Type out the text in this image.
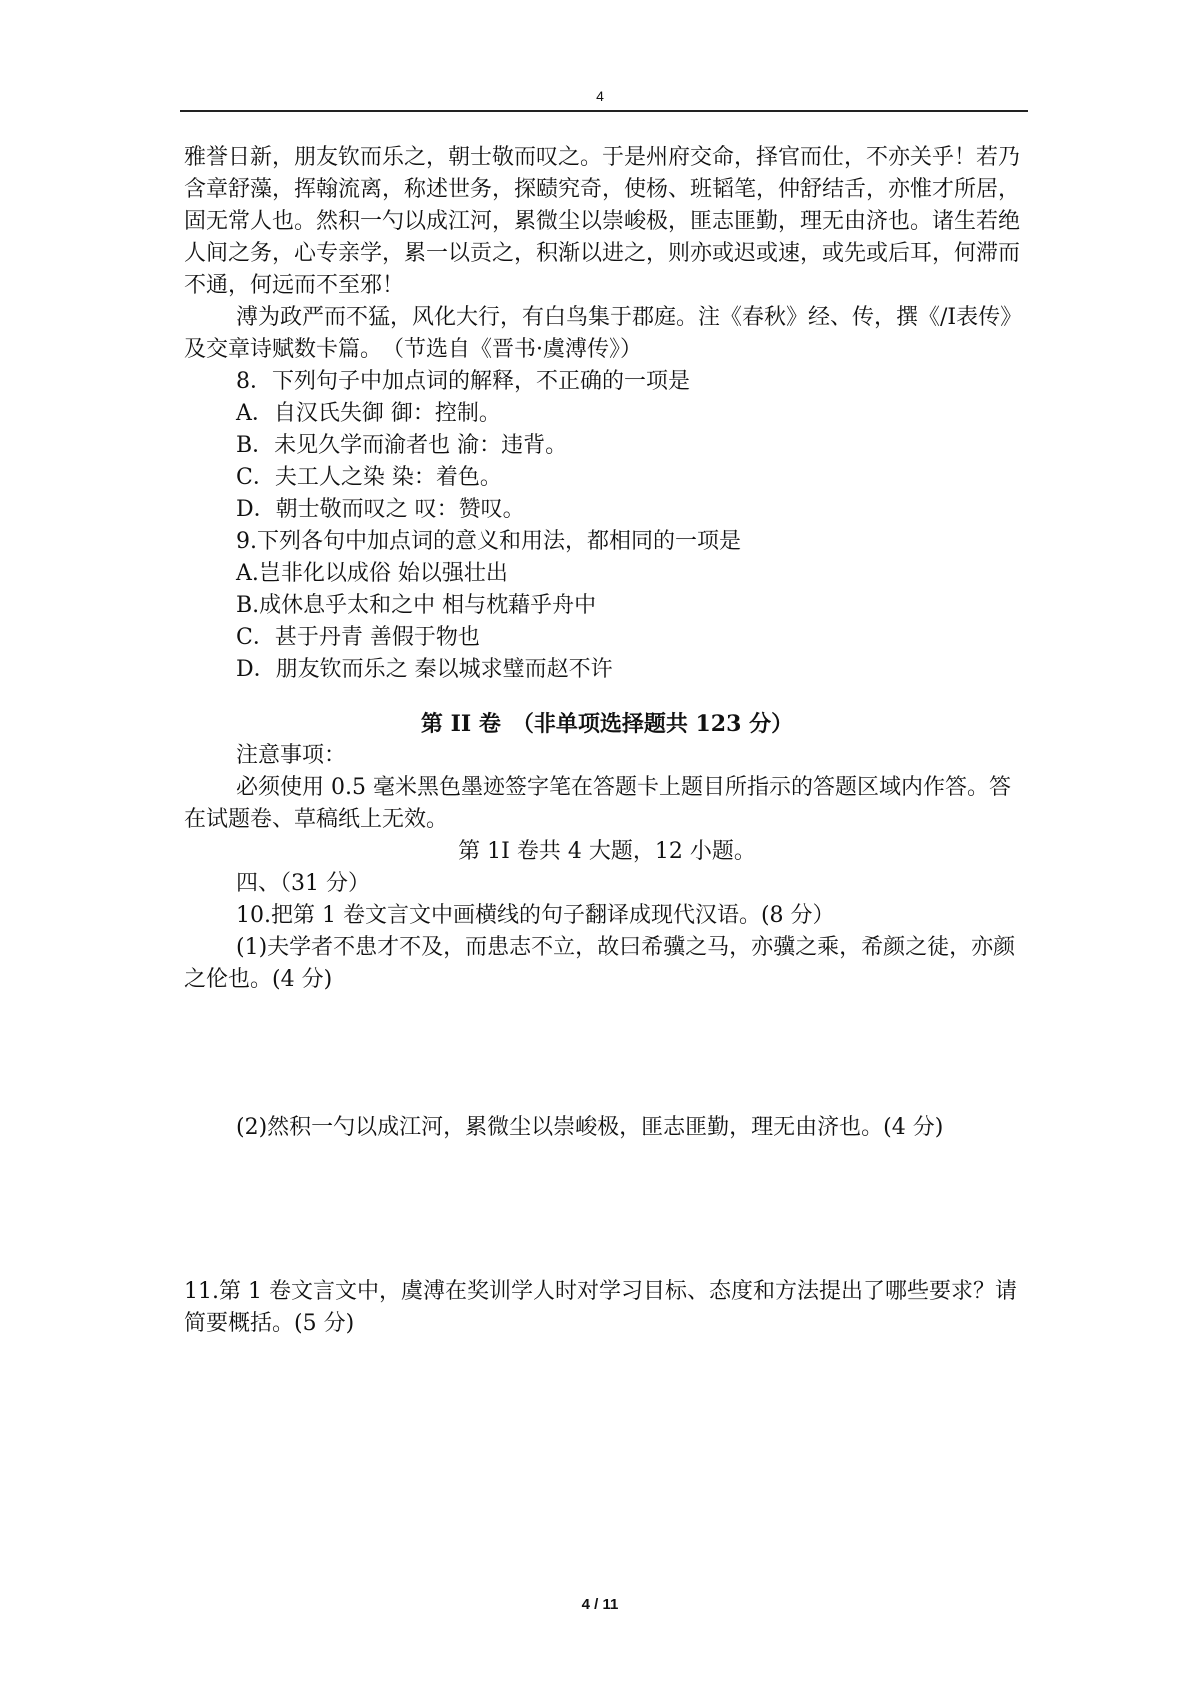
4

雅誉日新，朋友钦而乐之，朝士敬而叹之。于是州府交命，择官而仕，不亦关乎！若乃含章舒藻，挥翰流离，称述世务，探赜究奇，使杨、班韬笔，仲舒结舌，亦惟才所居，固无常人也。然积一勺以成江河，累微尘以崇峻极，匪志匪勤，理无由济也。诸生若绝人间之务，心专亲学，累一以贡之，积渐以进之，则亦或迟或速，或先或后耳，何滞而不通，何远而不至邪！

溥为政严而不猛，风化大行，有白鸟集于郡庭。注《春秋》经、传，撰《/I表传》及交章诗赋数卡篇。　（节选自《晋书·虞溥传》）

8．下列句子中加点词的解释，不正确的一项是

A．自汉氏失御 御：控制。

B．未见久学而渝者也 渝：违背。

C．夫工人之染 染：着色。

D．朝士敬而叹之 叹：赞叹。

9.下列各句中加点词的意义和用法，都相同的一项是

A.岂非化以成俗 始以强壮出

B.成休息乎太和之中 相与枕藉乎舟中

C．甚于丹青 善假于物也

D．朋友钦而乐之 秦以城求璧而赵不许

第 II 卷　（非单项选择题共 123 分）

注意事项：

必须使用 0.5 毫米黑色墨迹签字笔在答题卡上题目所指示的答题区域内作答。答在试题卷、草稿纸上无效。

第 1I 卷共 4 大题，12 小题。

四、（31 分）

10.把第 1 卷文言文中画横线的句子翻译成现代汉语。(8 分）

(1)夫学者不患才不及，而患志不立，故曰希骥之马，亦骥之乘，希颜之徒，亦颜之伦也。(4 分)

(2)然积一勺以成江河，累微尘以崇峻极，匪志匪勤，理无由济也。(4 分)

11.第 1 卷文言文中，虞溥在奖训学人时对学习目标、态度和方法提出了哪些要求？请简要概括。(5 分)

4 / 11
